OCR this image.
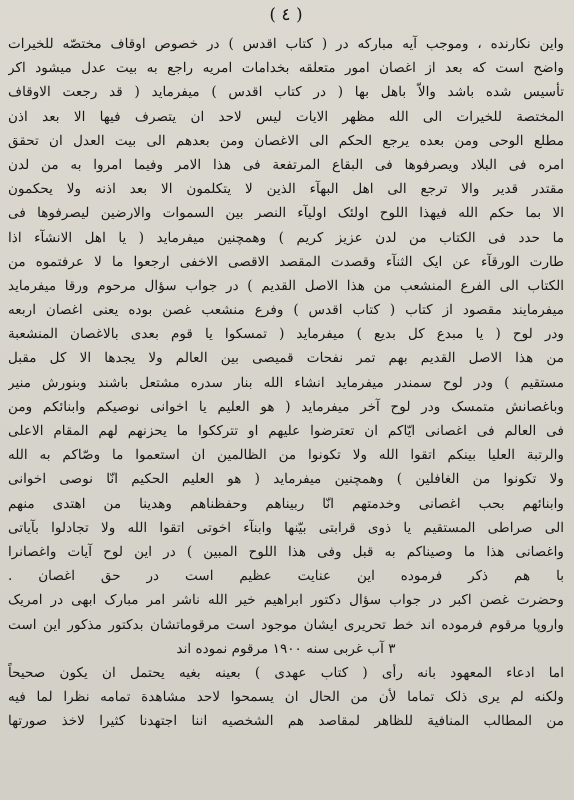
( ٤ )
واین نکارنده ، وموجب آیه مبارکه در ( کتاب اقدس ) در خصوص اوقاف مختصّه للخیرات
واضح است که بعد از اغصان امور متعلقه بخدامات امریه راجع به بیت عدل میشود اکر
تأسیس شده باشد والاّ باهل بها ( در کتاب اقدس ) میفرماید ( قد رجعت الاوقاف
المختصة للخیرات الی الله مظهر الایات لیس لاحد ان یتصرف فیها الا بعد اذن
مطلع الوحی ومن بعده یرجع الحکم الی الاغصان ومن بعدهم الی بیت العدل ان تحقق
امره فی البلاد ویصرفوها فی البقاع المرتفعة فی هذا الامر وفیما امروا به من لدن
مقتدر قدیر والا ترجع الی اهل البهآء الذین لا یتکلمون الا بعد اذنه ولا یحکمون
الا بما حکم الله فیهذا اللوح اولئک اولیآء النصر بین السموات والارضین لیصرفوها فی
ما حدد فی الکتاب من لدن عزیز کریم ) وهمچنین میفرماید ( یا اهل الانشآء اذا
طارت الورقآء عن ایک الثنآء وقصدت المقصد الاقصی الاخفی ارجعوا ما لا عرفتموه من
الکتاب الی الفرع المنشعب من هذا الاصل القدیم ) در جواب سؤال مرحوم ورقا میفرماید
میفرمایند مقصود از کتاب ( کتاب اقدس ) وفرع منشعب غصن بوده یعنی اغصان اربعه
ودر لوح ( یا مبدع کل بدیع ) میفرماید ( تمسکوا یا قوم بعدی بالاغصان المنشعبة
من هذا الاصل القدیم بهم تمر نفحات قمیصی بین العالم ولا یجدها الا کل مقبل
مستقیم ) ودر لوح سمندر میفرماید انشاء الله بنار سدره مشتعل باشند وبنورش منیر
وباغصانش متمسک ودر لوح آخر میفرماید ( هو العلیم یا اخوانی نوصیکم وابنائکم ومن
فی العالم فی اغصانی ایّاکم ان تعترضوا علیهم او تترککوا ما یحزنهم لهم المقام الاعلی
والرتبة العلیا بینکم اتقوا الله ولا تکونوا من الظالمین ان استعموا ما وصّاکم به الله
ولا تکونوا من الغافلین ) وهمچنین میفرماید ( هو العلیم الحکیم انّا نوصی اخوانی
وابنائهم بحب اغصانی وخدمتهم انّا ربیناهم وحفظناهم وهدینا من اهتدی منهم
الی صراطی المستقیم یا ذوی قرابتی بیّنها وابنآء اخوتی اتقوا الله ولا تجادلوا بآیاتی
واغصانی هذا ما وصیناکم به قبل وفی هذا اللوح المبین ) در این لوح آیات واغصانرا
با هم ذکر فرموده این عنایت عظیم است در حق اغصان .
وحضرت غصن اکبر در جواب سؤال دکتور ابراهیم خیر الله ناشر امر مبارک ابهی در امریک
واروپا مرقوم فرموده اند خط تحریری ایشان موجود است مرقوماتشان بدکتور مذکور این است
۳ آب غربی سنه ۱۹۰۰ مرقوم نموده اند
اما ادعاء المعهود بانه رأی ( کتاب عهدی ) بعینه بغیه یحتمل ان یکون صحیحاً
ولکنه لم یری ذلک تماما لأن من الحال ان یسمحوا لاحد مشاهدة تمامه نظرا لما فیه
من المطالب المنافیة للظاهر لمقاصد هم الشخصیه اننا اجتهدنا کثیرا لاخذ صورتها
